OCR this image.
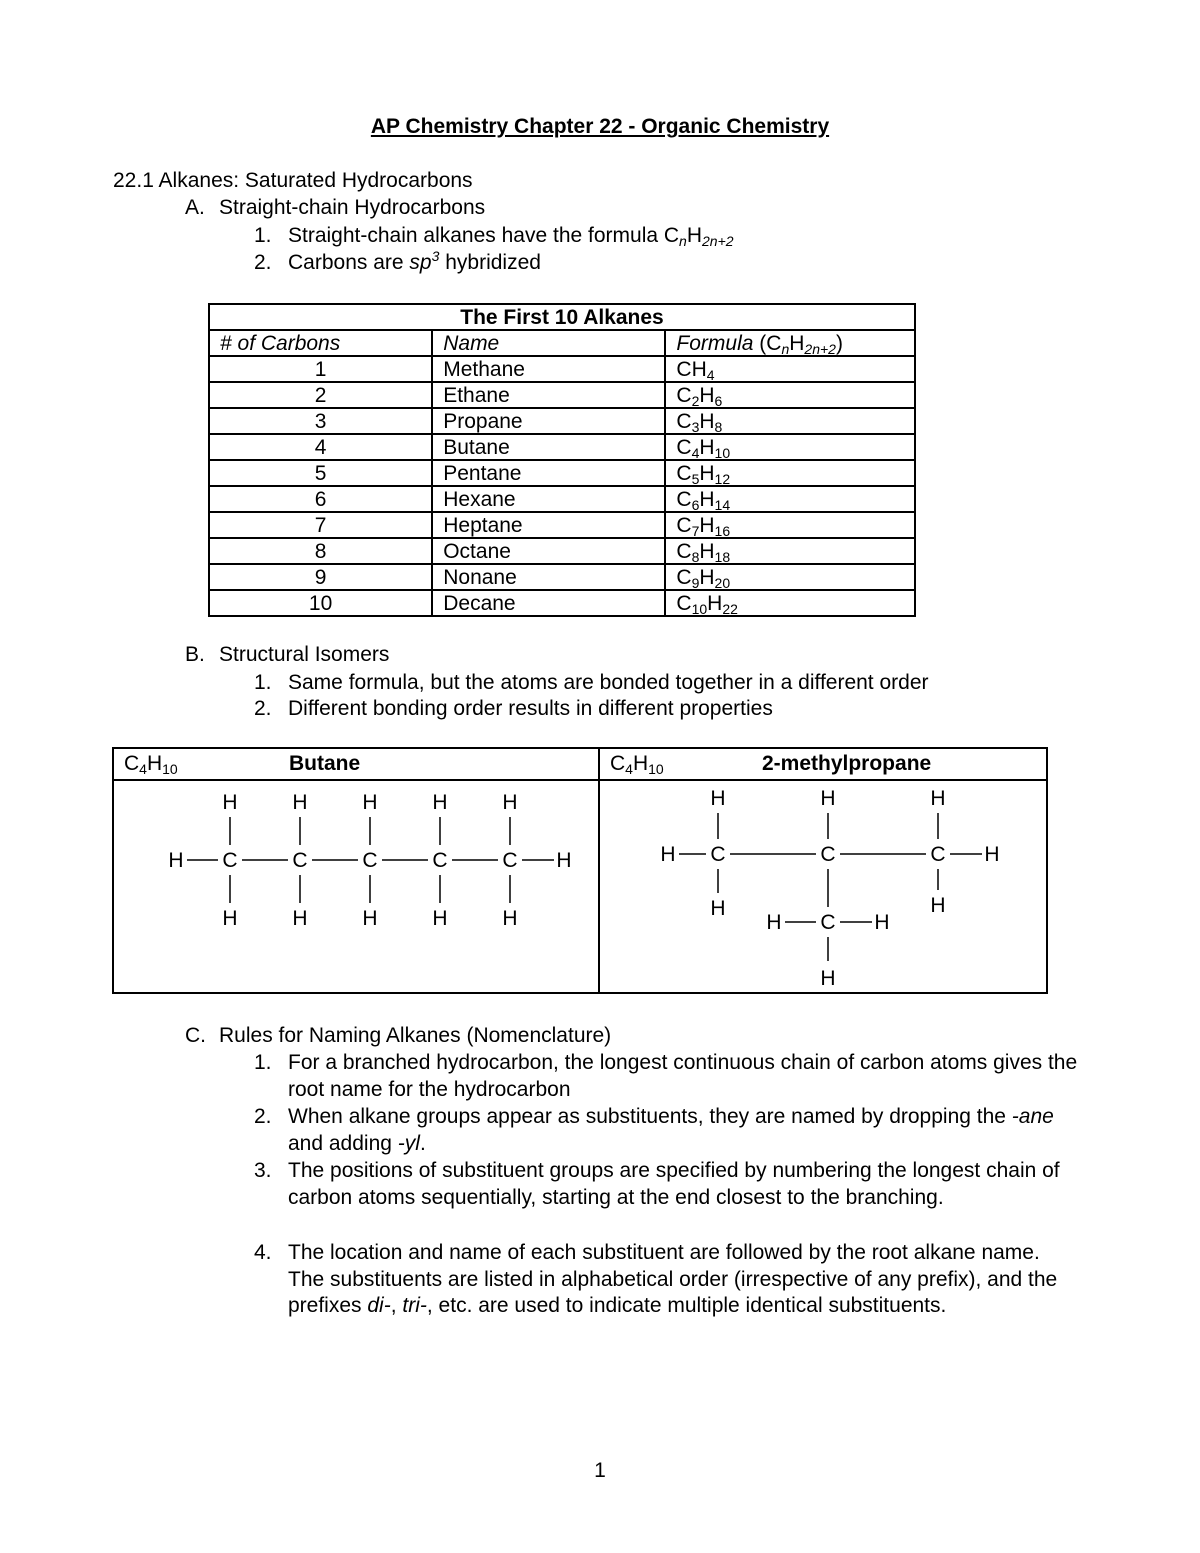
AP Chemistry Chapter 22 - Organic Chemistry
22.1 Alkanes: Saturated Hydrocarbons
A. Straight-chain Hydrocarbons
1. Straight-chain alkanes have the formula $C_nH_{2n+2}$
2. Carbons are $sp^3$ hybridized
The First 10 Alkanes		
# of Carbons	Name	Formula $(C_nH_{2n+2})$
1	Methane	$CH_4$
2	Ethane	$C_2H_6$
3	Propane	$C_3H_8$
4	Butane	$C_4H_{10}$
5	Pentane	$C_5H_{12}$
6	Hexane	$C_6H_{14}$
7	Heptane	$C_7H_{16}$
8	Octane	$C_8H_{18}$
9	Nonane	$C_9H_{20}$
10	Decane	$C_{10}H_{22}$
B. Structural Isomers
1. Same formula, but the atoms are bonded together in a different order
2. Different bonding order results in different properties
$C_4H_{10}$	Butane
H C
H
H
C
H
H
C
H
H
C
H
H
C
H
H
H
$C_4H_{10}$	2-methylpropane
H C
H
C
H
C
H
H	H
H
C
H	H
H
C. Rules for Naming Alkanes (Nomenclature)
1. For a branched hydrocarbon, the longest continuous chain of carbon atoms gives the root name for the hydrocarbon
2. When alkane groups appear as substituents, they are named by dropping the -ane and adding -yl.
3. The positions of substituent groups are specified by numbering the longest chain of carbon atoms sequentially, starting at the end closest to the branching.
4. The location and name of each substituent are followed by the root alkane name. The substituents are listed in alphabetical order (irrespective of any prefix), and the prefixes di-, tri-, etc. are used to indicate multiple identical substituents.
1
